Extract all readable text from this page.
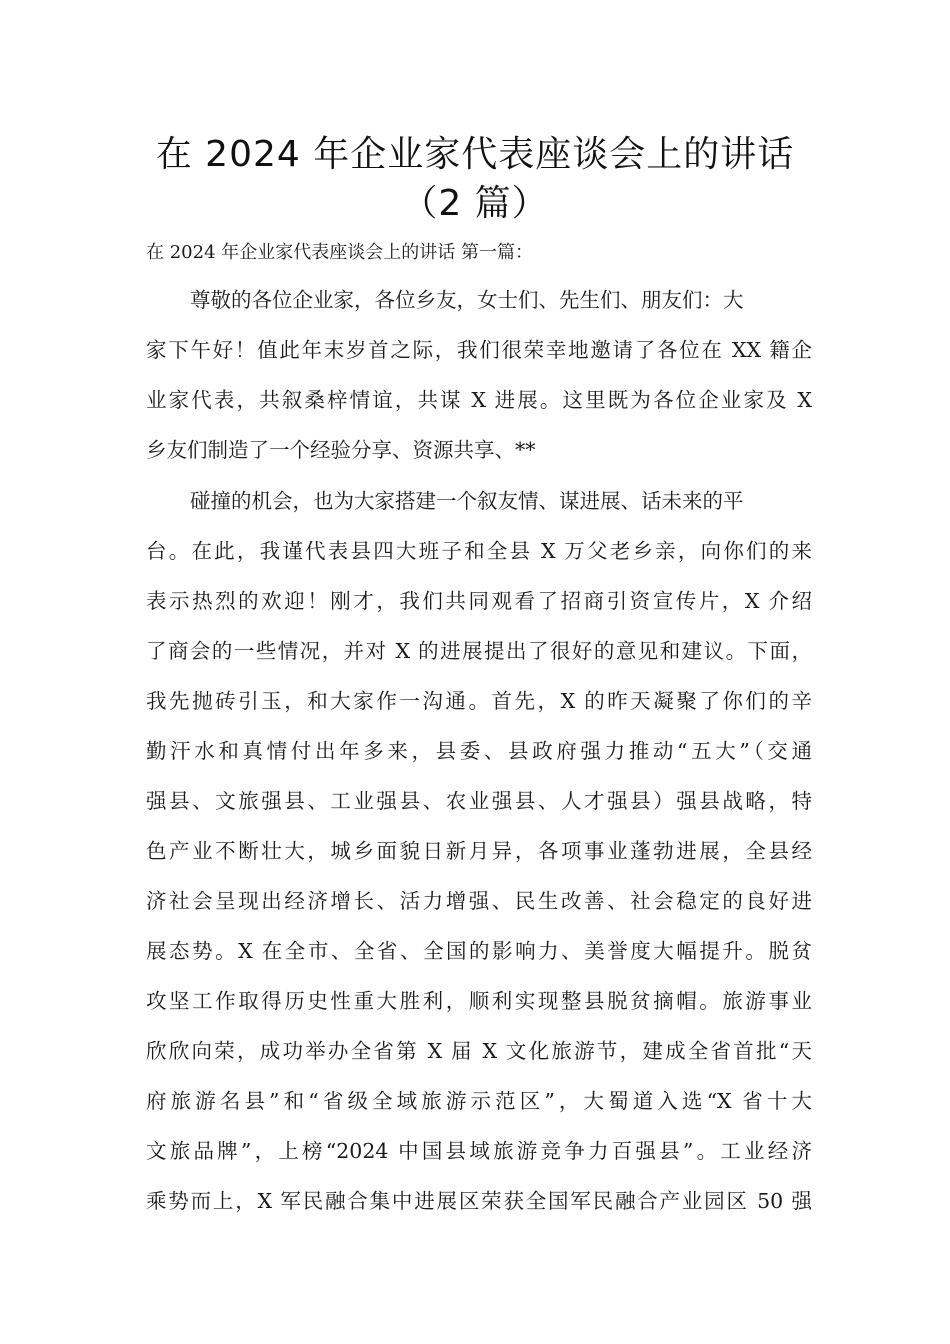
在 2024 年企业家代表座谈会上的讲话
（2 篇）
在 2024 年企业家代表座谈会上的讲话 第一篇：
尊敬的各位企业家，各位乡友，女士们、先生们、朋友们：大
家下午好！值此年末岁首之际，我们很荣幸地邀请了各位在 XX 籍企
业家代表，共叙桑梓情谊，共谋 X 进展。这里既为各位企业家及 X
乡友们制造了一个经验分享、资源共享、**
碰撞的机会，也为大家搭建一个叙友情、谋进展、话未来的平
台。在此，我谨代表县四大班子和全县 X 万父老乡亲，向你们的来
表示热烈的欢迎！刚才，我们共同观看了招商引资宣传片，X 介绍
了商会的一些情况，并对 X 的进展提出了很好的意见和建议。下面，
我先抛砖引玉，和大家作一沟通。首先，X 的昨天凝聚了你们的辛
勤汗水和真情付出年多来，县委、县政府强力推动“五大”（交通
强县、文旅强县、工业强县、农业强县、人才强县）强县战略，特
色产业不断壮大，城乡面貌日新月异，各项事业蓬勃进展，全县经
济社会呈现出经济增长、活力增强、民生改善、社会稳定的良好进
展态势。X 在全市、全省、全国的影响力、美誉度大幅提升。脱贫
攻坚工作取得历史性重大胜利，顺利实现整县脱贫摘帽。旅游事业
欣欣向荣，成功举办全省第 X 届 X 文化旅游节，建成全省首批“天
府旅游名县”和“省级全域旅游示范区”，大蜀道入选“X 省十大
文旅品牌”，上榜“2024 中国县域旅游竞争力百强县”。工业经济
乘势而上，X 军民融合集中进展区荣获全国军民融合产业园区 50 强
